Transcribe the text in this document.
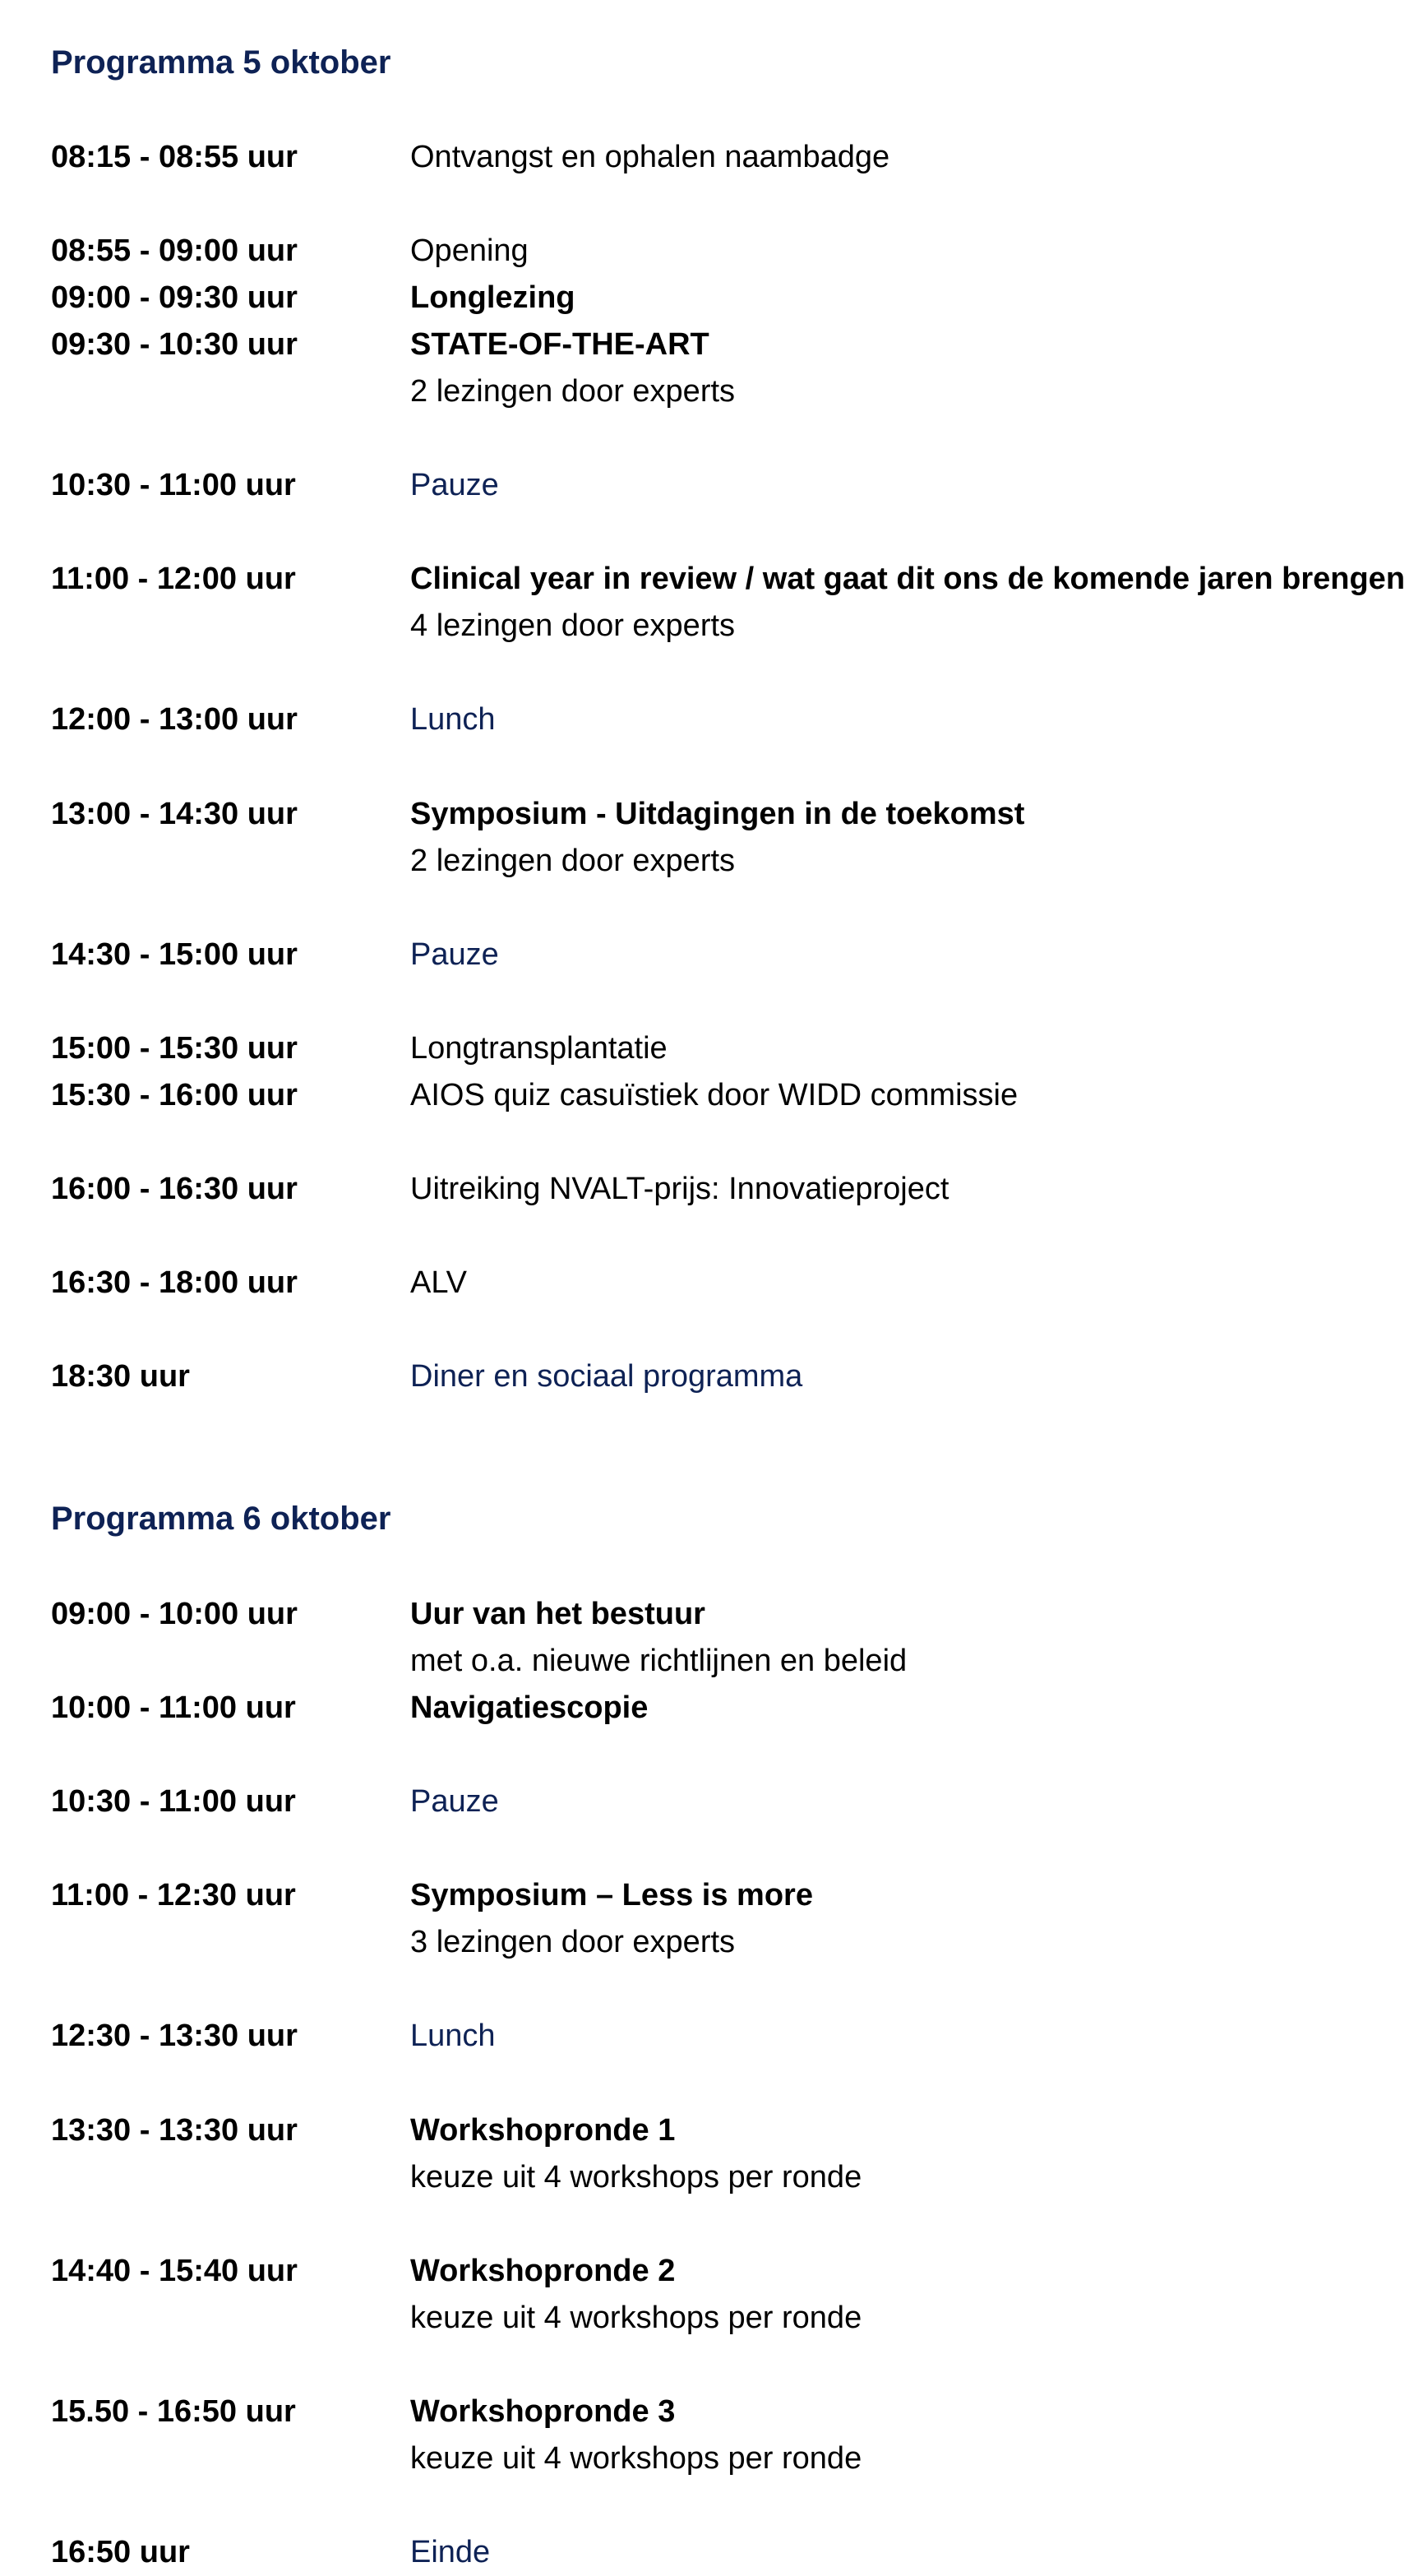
Programma 5 oktober
08:15 - 08:55 uur	Ontvangst en ophalen naambadge
08:55 - 09:00 uur	Opening
09:00 - 09:30 uur	Longlezing
09:30 - 10:30 uur	STATE-OF-THE-ART
2 lezingen door experts
10:30 - 11:00 uur	Pauze
11:00 - 12:00 uur	Clinical year in review / wat gaat dit ons de komende jaren brengen
4 lezingen door experts
12:00 - 13:00 uur	Lunch
13:00 - 14:30 uur	Symposium - Uitdagingen in de toekomst
2 lezingen door experts
14:30 - 15:00 uur	Pauze
15:00 - 15:30 uur	Longtransplantatie
15:30 - 16:00 uur	AIOS quiz casuïstiek door WIDD commissie
16:00 - 16:30 uur	Uitreiking NVALT-prijs: Innovatieproject
16:30 - 18:00 uur	ALV
18:30 uur	Diner en sociaal programma
Programma 6 oktober
09:00 - 10:00 uur	Uur van het bestuur
met o.a. nieuwe richtlijnen en beleid
10:00 - 11:00 uur	Navigatiescopie
10:30 - 11:00 uur	Pauze
11:00 - 12:30 uur	Symposium – Less is more
3 lezingen door experts
12:30 - 13:30 uur	Lunch
13:30 - 13:30 uur	Workshopronde 1
keuze uit 4 workshops per ronde
14:40 - 15:40 uur	Workshopronde 2
keuze uit 4 workshops per ronde
15.50 - 16:50 uur	Workshopronde 3
keuze uit 4 workshops per ronde
16:50 uur	Einde
